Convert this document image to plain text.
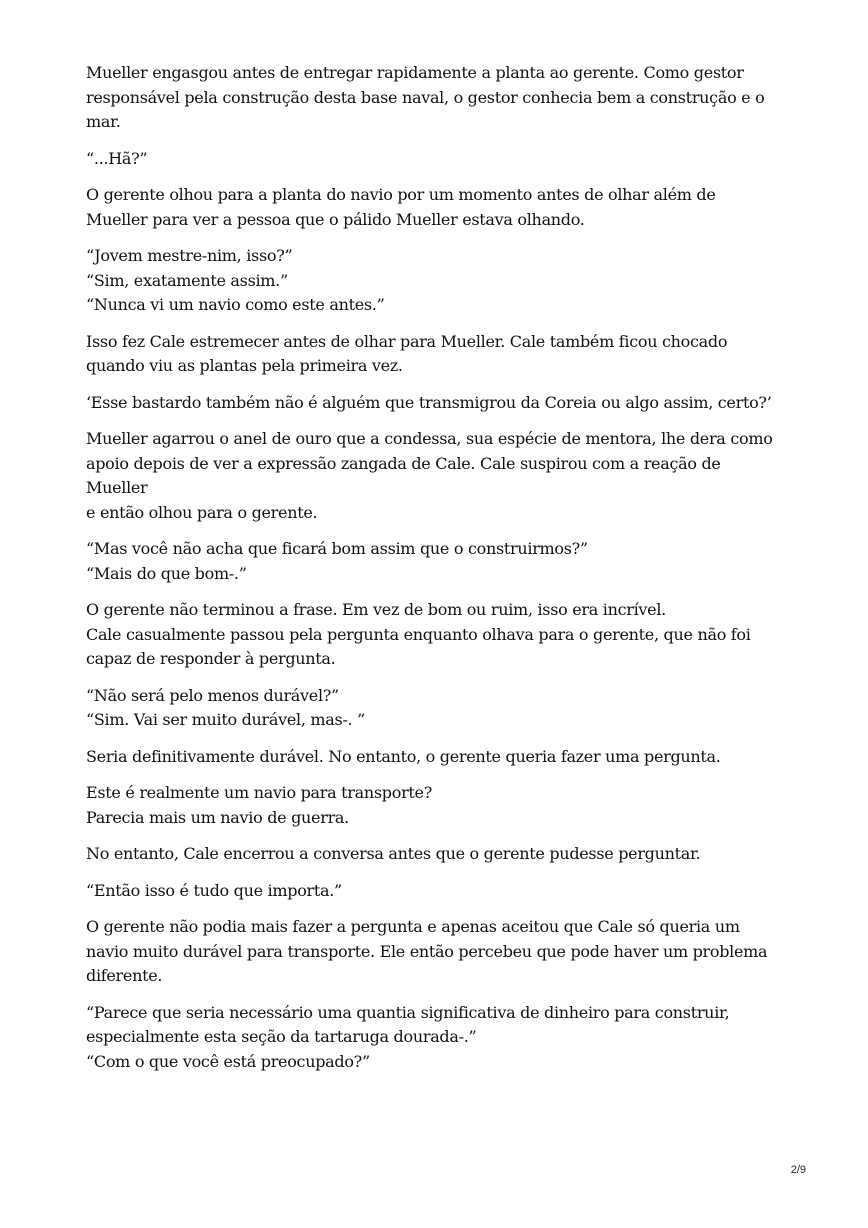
Mueller engasgou antes de entregar rapidamente a planta ao gerente. Como gestor
responsável pela construção desta base naval, o gestor conhecia bem a construção e o
mar.

“...Hã?”

O gerente olhou para a planta do navio por um momento antes de olhar além de
Mueller para ver a pessoa que o pálido Mueller estava olhando.

“Jovem mestre-nim, isso?”
“Sim, exatamente assim.”
“Nunca vi um navio como este antes.”

Isso fez Cale estremecer antes de olhar para Mueller. Cale também ficou chocado
quando viu as plantas pela primeira vez.

‘Esse bastardo também não é alguém que transmigrou da Coreia ou algo assim, certo?’

Mueller agarrou o anel de ouro que a condessa, sua espécie de mentora, lhe dera como
apoio depois de ver a expressão zangada de Cale. Cale suspirou com a reação de Mueller
e então olhou para o gerente.

“Mas você não acha que ficará bom assim que o construirmos?”
“Mais do que bom-.”

O gerente não terminou a frase. Em vez de bom ou ruim, isso era incrível.
Cale casualmente passou pela pergunta enquanto olhava para o gerente, que não foi
capaz de responder à pergunta.

“Não será pelo menos durável?”
“Sim. Vai ser muito durável, mas-. ”

Seria definitivamente durável. No entanto, o gerente queria fazer uma pergunta.

Este é realmente um navio para transporte?
Parecia mais um navio de guerra.

No entanto, Cale encerrou a conversa antes que o gerente pudesse perguntar.

“Então isso é tudo que importa.”

O gerente não podia mais fazer a pergunta e apenas aceitou que Cale só queria um
navio muito durável para transporte. Ele então percebeu que pode haver um problema
diferente.

“Parece que seria necessário uma quantia significativa de dinheiro para construir,
especialmente esta seção da tartaruga dourada-.”
“Com o que você está preocupado?”

2/9
